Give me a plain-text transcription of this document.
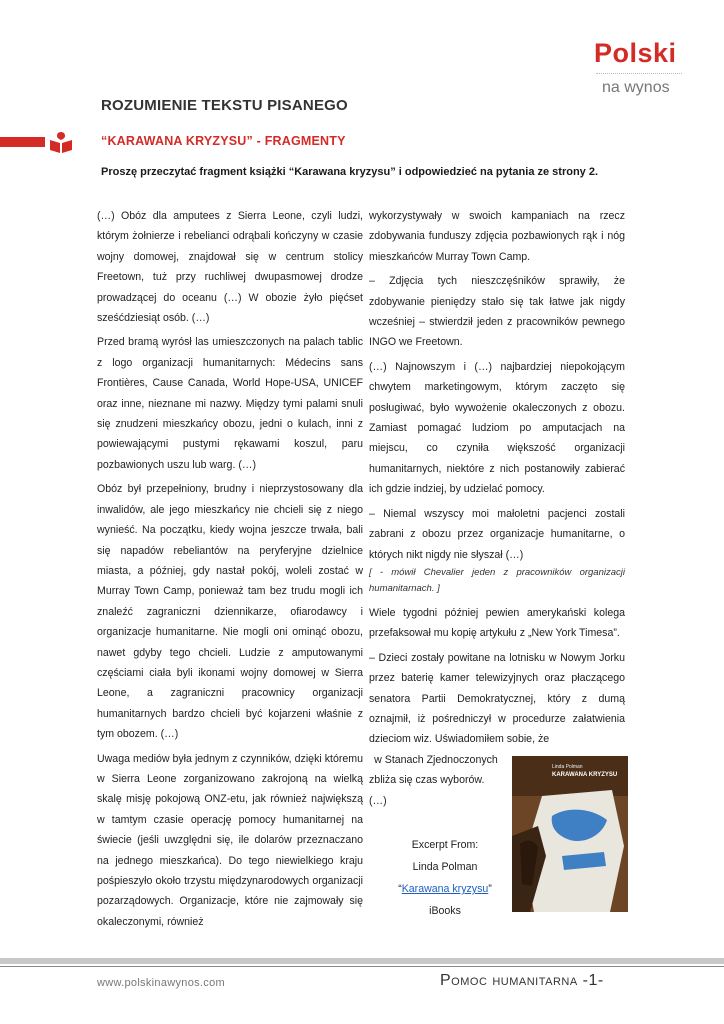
Polski
na wynos
ROZUMIENIE TEKSTU PISANEGO
“KARAWANA KRYZYSU” - FRAGMENTY
Proszę przeczytać fragment książki “Karawana kryzysu” i odpowiedzieć na pytania ze strony 2.

(…) Obóz dla amputees z Sierra Leone, czyli ludzi, którym żołnierze i rebelianci odrąbali kończyny w czasie wojny domowej, znajdował się w centrum stolicy Freetown, tuż przy ruchliwej dwupasmowej drodze prowadzącej do oceanu (…) W obozie żyło pięćset sześćdziesiąt osób. (…)

Przed bramą wyrósł las umieszczonych na palach tablic z logo organizacji humanitarnych: Médecins sans Frontières, Cause Canada, World Hope-USA, UNICEF oraz inne, nieznane mi nazwy. Między tymi palami snuli się znudzeni mieszkańcy obozu, jedni o kulach, inni z powiewającymi pustymi rękawami koszul, paru pozbawionych uszu lub warg. (…)

Obóz był przepełniony, brudny i nieprzystosowany dla inwalidów, ale jego mieszkańcy nie chcieli się z niego wynieść. Na początku, kiedy wojna jeszcze trwała, bali się napadów rebeliantów na peryferyjne dzielnice miasta, a później, gdy nastał pokój, woleli zostać w Murray Town Camp, ponieważ tam bez trudu mogli ich znaleźć zagraniczni dziennikarze, ofiarodawcy i organizacje humanitarne. Nie mogli oni ominąć obozu, nawet gdyby tego chcieli. Ludzie z amputowanymi częściami ciała byli ikonami wojny domowej w Sierra Leone, a zagraniczni pracownicy organizacji humanitarnych bardzo chcieli być kojarzeni właśnie z tym obozem. (…)

Uwaga mediów była jednym z czynników, dzięki któremu w Sierra Leone zorganizowano zakrojoną na wielką skalę misję pokojową ONZ-etu, jak również największą w tamtym czasie operację pomocy humanitarnej na świecie (jeśli uwzględni się, ile dolarów przeznaczano na jednego mieszkańca). Do tego niewielkiego kraju pośpieszyło około trzystu międzynarodowych organizacji pozarządowych. Organizacje, które nie zajmowały się okaleczonymi, również

wykorzystywały w swoich kampaniach na rzecz zdobywania funduszy zdjęcia pozbawionych rąk i nóg mieszkańców Murray Town Camp.

– Zdjęcia tych nieszczęśników sprawiły, że zdobywanie pieniędzy stało się tak łatwe jak nigdy wcześniej – stwierdził jeden z pracowników pewnego INGO we Freetown.

(…) Najnowszym i (…) najbardziej niepokojącym chwytem marketingowym, którym zaczęto się posługiwać, było wywożenie okaleczonych z obozu. Zamiast pomagać ludziom po amputacjach na miejscu, co czyniła większość organizacji humanitarnych, niektóre z nich postanowiły zabierać ich gdzie indziej, by udzielać pomocy.

– Niemal wszyscy moi małoletni pacjenci zostali zabrani z obozu przez organizacje humanitarne, o których nikt nigdy nie słyszał (…)

[ - mówił Chevalier jeden z pracowników organizacji humanitarnach. ]

Wiele tygodni później pewien amerykański kolega przefaksował mu kopię artykułu z „New York Timesa”.

– Dzieci zostały powitane na lotnisku w Nowym Jorku przez baterię kamer telewizyjnych oraz płaczącego senatora Partii Demokratycznej, który z dumą oznajmił, iż pośredniczył w procedurze załatwienia dzieciom wiz. Uświadomiłem sobie, że

w Stanach Zjednoczonych
zbliża się czas wyborów.
(…)
Linda Polman
KARAWANA KRYZYSU
Excerpt From:
Linda Polman
“Karawana kryzysu”
iBooks
www.polskinawynos.com	Pomoc humanitarna -1-
